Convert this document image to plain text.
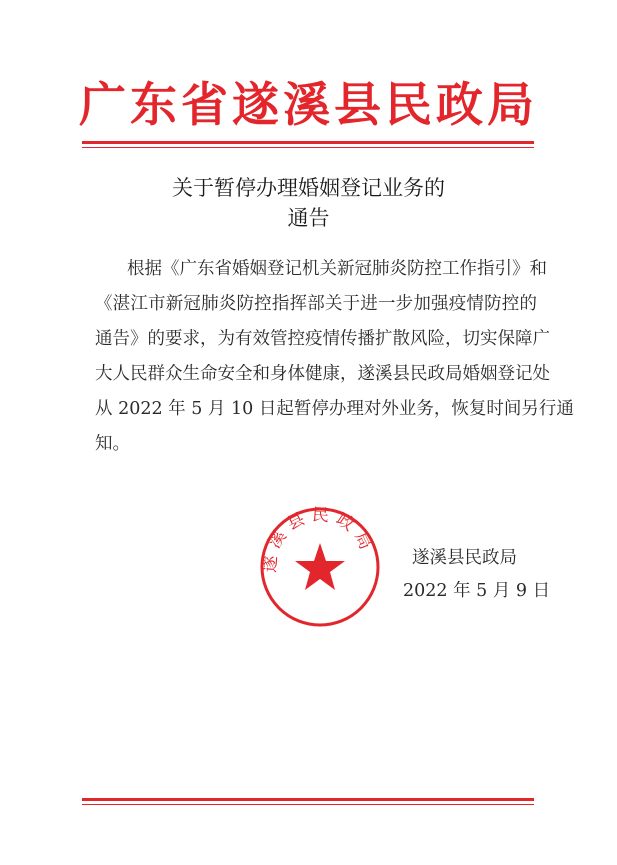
广东省遂溪县民政局
关于暂停办理婚姻登记业务的
通告
根据《广东省婚姻登记机关新冠肺炎防控工作指引》和
《湛江市新冠肺炎防控指挥部关于进一步加强疫情防控的
通告》的要求，为有效管控疫情传播扩散风险，切实保障广
大人民群众生命安全和身体健康，遂溪县民政局婚姻登记处
从 2022 年 5 月 10 日起暂停办理对外业务，恢复时间另行通
知。
遂溪县民政局 遂溪县民政局
2022 年 5 月 9 日
